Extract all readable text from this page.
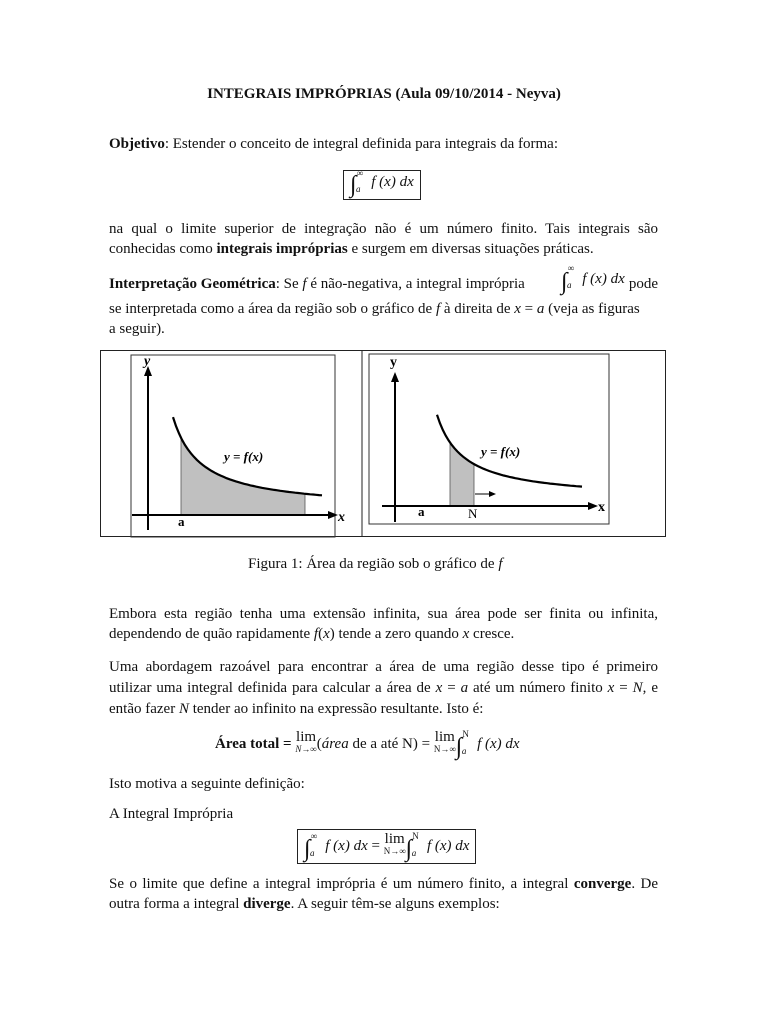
INTEGRAIS IMPRÓPRIAS (Aula 09/10/2014 - Neyva)
Objetivo: Estender o conceito de integral definida para integrais da forma:
na qual o limite superior de integração não é um número finito. Tais integrais são
conhecidas como integrais impróprias e surgem em diversas situações práticas.
se interpretada como a área da região sob o gráfico de f à direita de x = a (veja as figuras
a seguir).
Embora esta região tenha uma extensão infinita, sua área pode ser finita ou infinita,
dependendo de quão rapidamente f(x) tende a zero quando x cresce.
Uma abordagem razoável para encontrar a área de uma região desse tipo é primeiro
utilizar uma integral definida para calcular a área de x = a até um número finito x = N, e
então fazer N tender ao infinito na expressão resultante. Isto é:
Isto motiva a seguinte definição:
A Integral Imprópria
Se o limite que define a integral imprópria é um número finito, a integral converge. De
outra forma a integral diverge. A seguir têm-se alguns exemplos:
$\int^\infty_a$ f (x) dx
Interpretação Geométrica: Se f é não-negativa, a integral imprópria $\int^\infty_a$ f (x) dx pode
y
x
a
y = f(x)
y
x
a	N
y = f(x)
Figura 1: Área da região sob o gráfico de f
Área total = lim
N→∞ (área de a até N) = lim
N→∞ ∫$^N_a$ f (x) dx
$\int^\infty_a$ f (x) dx = lim
N→∞ ∫$^N_a$ f (x) dx
